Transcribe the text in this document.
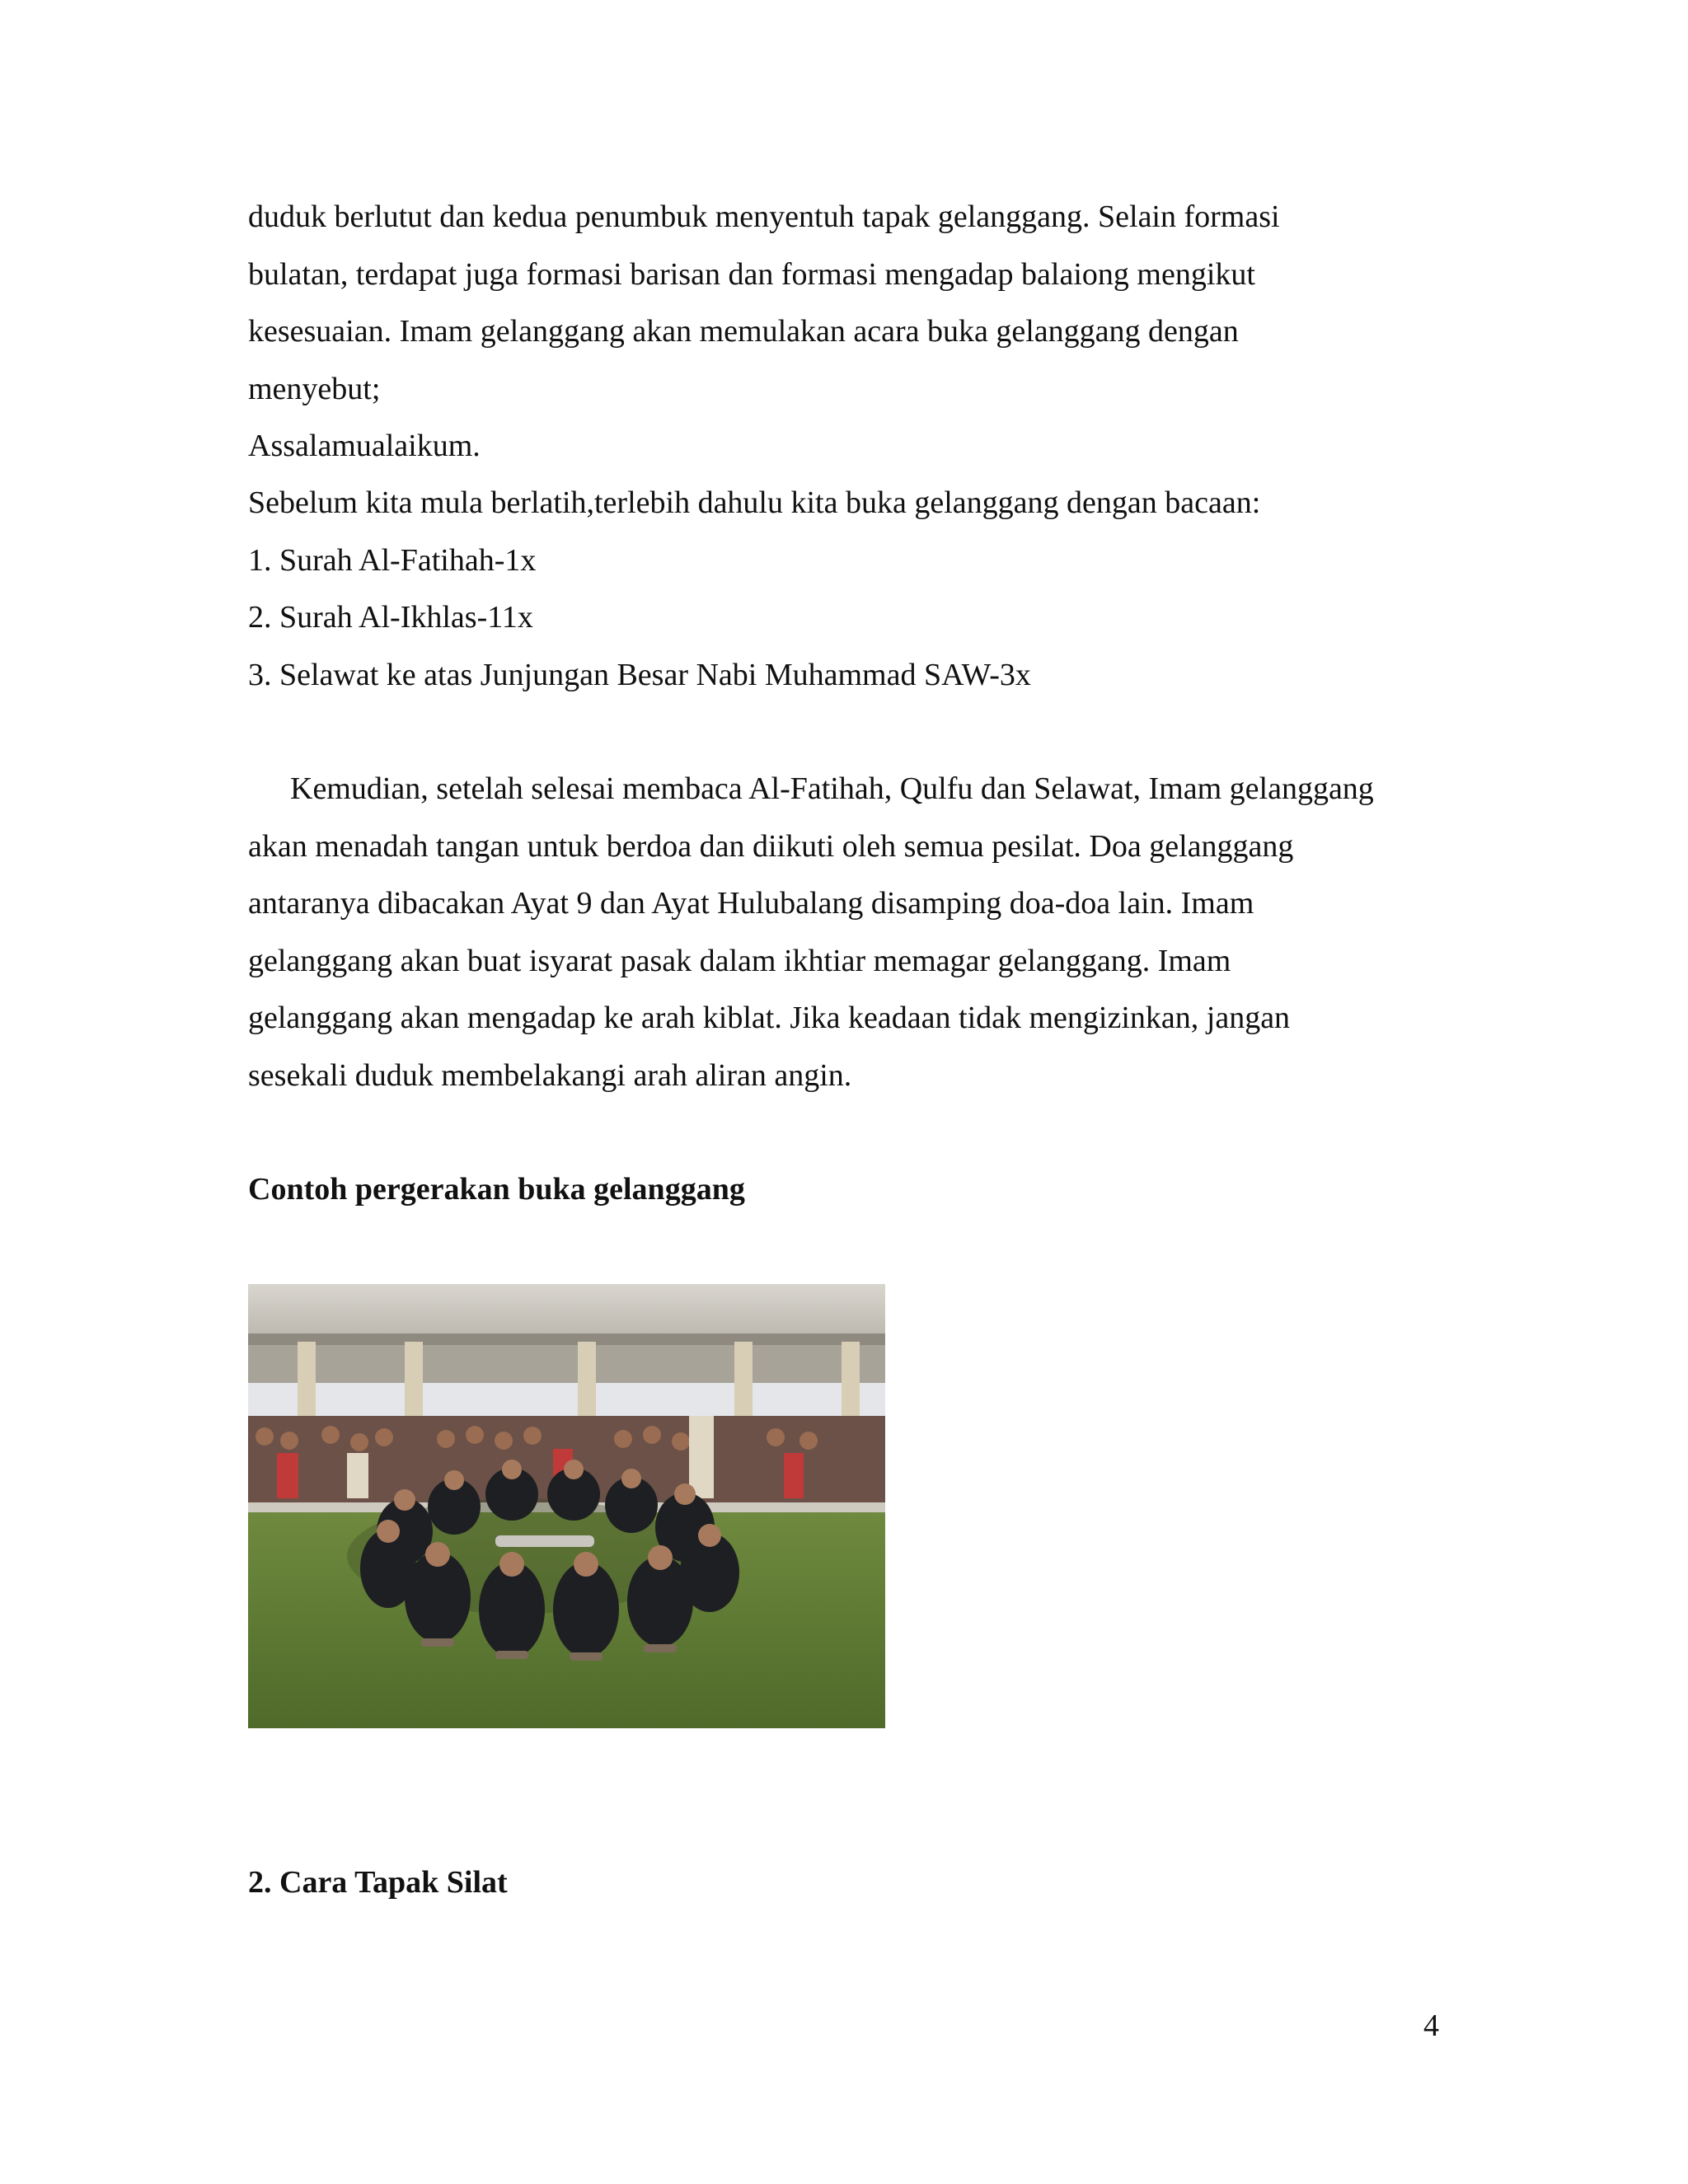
duduk berlutut dan kedua penumbuk menyentuh tapak gelanggang. Selain formasi
bulatan, terdapat juga formasi barisan dan formasi mengadap balaiong mengikut
kesesuaian. Imam gelanggang akan memulakan acara buka gelanggang dengan
menyebut;
Assalamualaikum.
Sebelum kita mula berlatih,terlebih dahulu kita buka gelanggang dengan bacaan:
1. Surah Al-Fatihah-1x
2. Surah Al-Ikhlas-11x
3. Selawat ke atas Junjungan Besar Nabi Muhammad SAW-3x
Kemudian, setelah selesai membaca Al-Fatihah, Qulfu dan Selawat, Imam gelanggang
akan menadah tangan untuk berdoa dan diikuti oleh semua pesilat. Doa gelanggang
antaranya dibacakan Ayat 9 dan Ayat Hulubalang disamping doa-doa lain. Imam
gelanggang akan buat isyarat pasak dalam ikhtiar memagar gelanggang. Imam
gelanggang akan mengadap ke arah kiblat. Jika keadaan tidak mengizinkan, jangan
sesekali duduk membelakangi arah aliran angin.
Contoh pergerakan buka gelanggang
2. Cara Tapak Silat
4
